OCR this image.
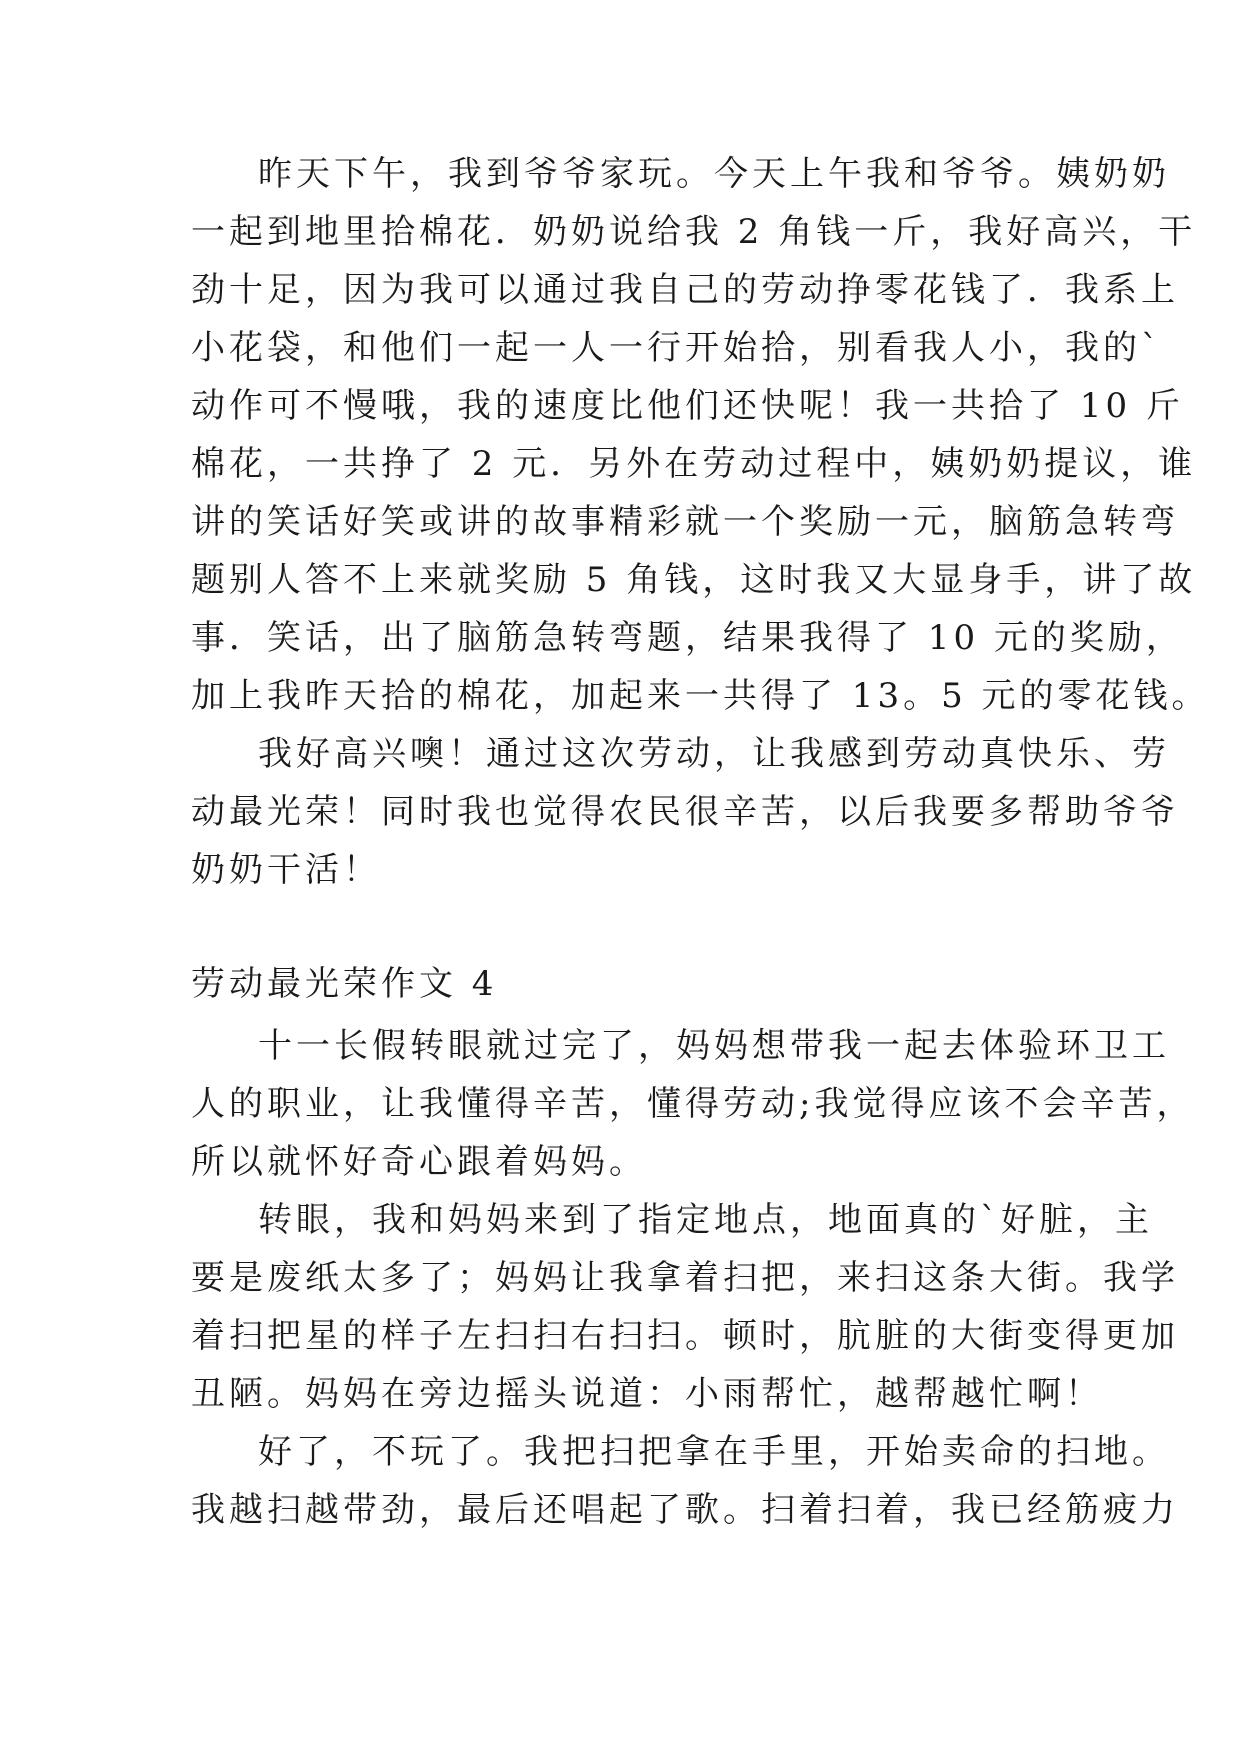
昨天下午，我到爷爷家玩。今天上午我和爷爷。姨奶奶
一起到地里拾棉花．奶奶说给我 2 角钱一斤，我好高兴，干
劲十足，因为我可以通过我自己的劳动挣零花钱了．我系上
小花袋，和他们一起一人一行开始拾，别看我人小，我的`
动作可不慢哦，我的速度比他们还快呢！我一共拾了 10 斤
棉花，一共挣了 2 元．另外在劳动过程中，姨奶奶提议，谁
讲的笑话好笑或讲的故事精彩就一个奖励一元，脑筋急转弯
题别人答不上来就奖励 5 角钱，这时我又大显身手，讲了故
事．笑话，出了脑筋急转弯题，结果我得了 10 元的奖励，
加上我昨天拾的棉花，加起来一共得了 13。5 元的零花钱。
我好高兴噢！通过这次劳动，让我感到劳动真快乐、劳
动最光荣！同时我也觉得农民很辛苦，以后我要多帮助爷爷
奶奶干活！
劳动最光荣作文 4
十一长假转眼就过完了，妈妈想带我一起去体验环卫工
人的职业，让我懂得辛苦，懂得劳动;我觉得应该不会辛苦，
所以就怀好奇心跟着妈妈。
转眼，我和妈妈来到了指定地点，地面真的`好脏，主
要是废纸太多了；妈妈让我拿着扫把，来扫这条大街。我学
着扫把星的样子左扫扫右扫扫。顿时，肮脏的大街变得更加
丑陋。妈妈在旁边摇头说道：小雨帮忙，越帮越忙啊！
好了，不玩了。我把扫把拿在手里，开始卖命的扫地。
我越扫越带劲，最后还唱起了歌。扫着扫着，我已经筋疲力
